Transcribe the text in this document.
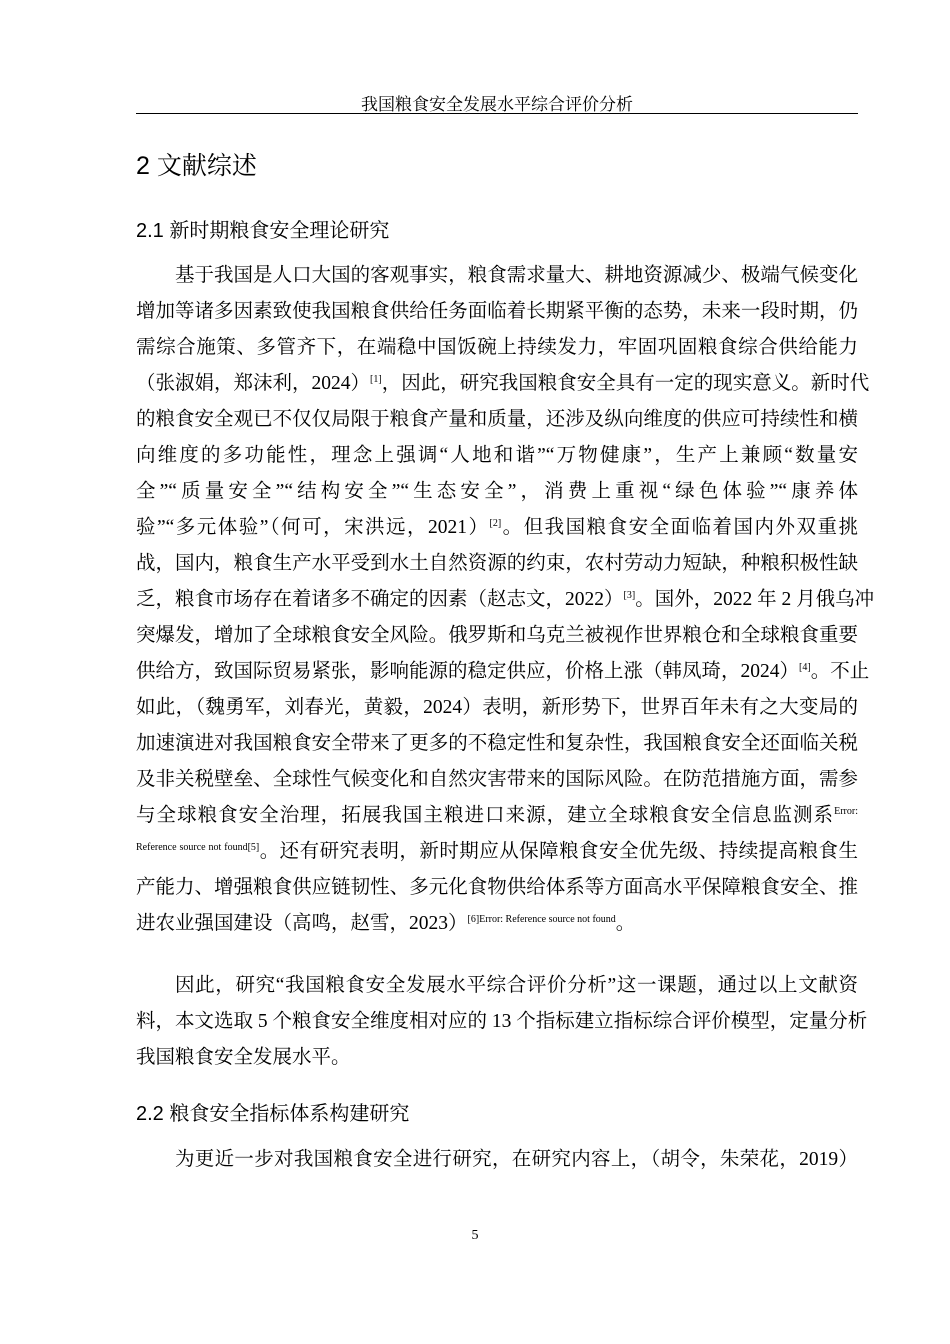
我国粮食安全发展水平综合评价分析
2 文献综述
2.1 新时期粮食安全理论研究
基于我国是人口大国的客观事实，粮食需求量大、耕地资源减少、极端气候变化
增加等诸多因素致使我国粮食供给任务面临着长期紧平衡的态势，未来一段时期，仍
需综合施策、多管齐下，在端稳中国饭碗上持续发力，牢固巩固粮食综合供给能力
（张淑娟，郑沫利，2024）[1]，因此，研究我国粮食安全具有一定的现实意义。新时代
的粮食安全观已不仅仅局限于粮食产量和质量，还涉及纵向维度的供应可持续性和横
向维度的多功能性，理念上强调“人地和谐”“万物健康”，生产上兼顾“数量安
全”“质量安全”“结构安全”“生态安全”，消费上重视“绿色体验”“康养体
验”“多元体验”（何可，宋洪远，2021）[2]。但我国粮食安全面临着国内外双重挑
战，国内，粮食生产水平受到水土自然资源的约束，农村劳动力短缺，种粮积极性缺
乏，粮食市场存在着诸多不确定的因素（赵志文，2022）[3]。国外，2022 年 2 月俄乌冲
突爆发，增加了全球粮食安全风险。俄罗斯和乌克兰被视作世界粮仓和全球粮食重要
供给方，致国际贸易紧张，影响能源的稳定供应，价格上涨（韩凤琦，2024）[4]。不止
如此，（魏勇军，刘春光，黄毅，2024）表明，新形势下，世界百年未有之大变局的
加速演进对我国粮食安全带来了更多的不稳定性和复杂性，我国粮食安全还面临关税
及非关税壁垒、全球性气候变化和自然灾害带来的国际风险。在防范措施方面，需参
与全球粮食安全治理，拓展我国主粮进口来源，建立全球粮食安全信息监测系$^{Error:}$
$^{Reference source not found[5]}$。还有研究表明，新时期应从保障粮食安全优先级、持续提高粮食生
产能力、增强粮食供应链韧性、多元化食物供给体系等方面高水平保障粮食安全、推
进农业强国建设（高鸣，赵雪，2023）$^{[6]Error: Reference source not found}$。
因此，研究“我国粮食安全发展水平综合评价分析”这一课题，通过以上文献资
料，本文选取 5 个粮食安全维度相对应的 13 个指标建立指标综合评价模型，定量分析
我国粮食安全发展水平。
2.2 粮食安全指标体系构建研究
为更近一步对我国粮食安全进行研究，在研究内容上，（胡令，朱荣花，2019）
5
